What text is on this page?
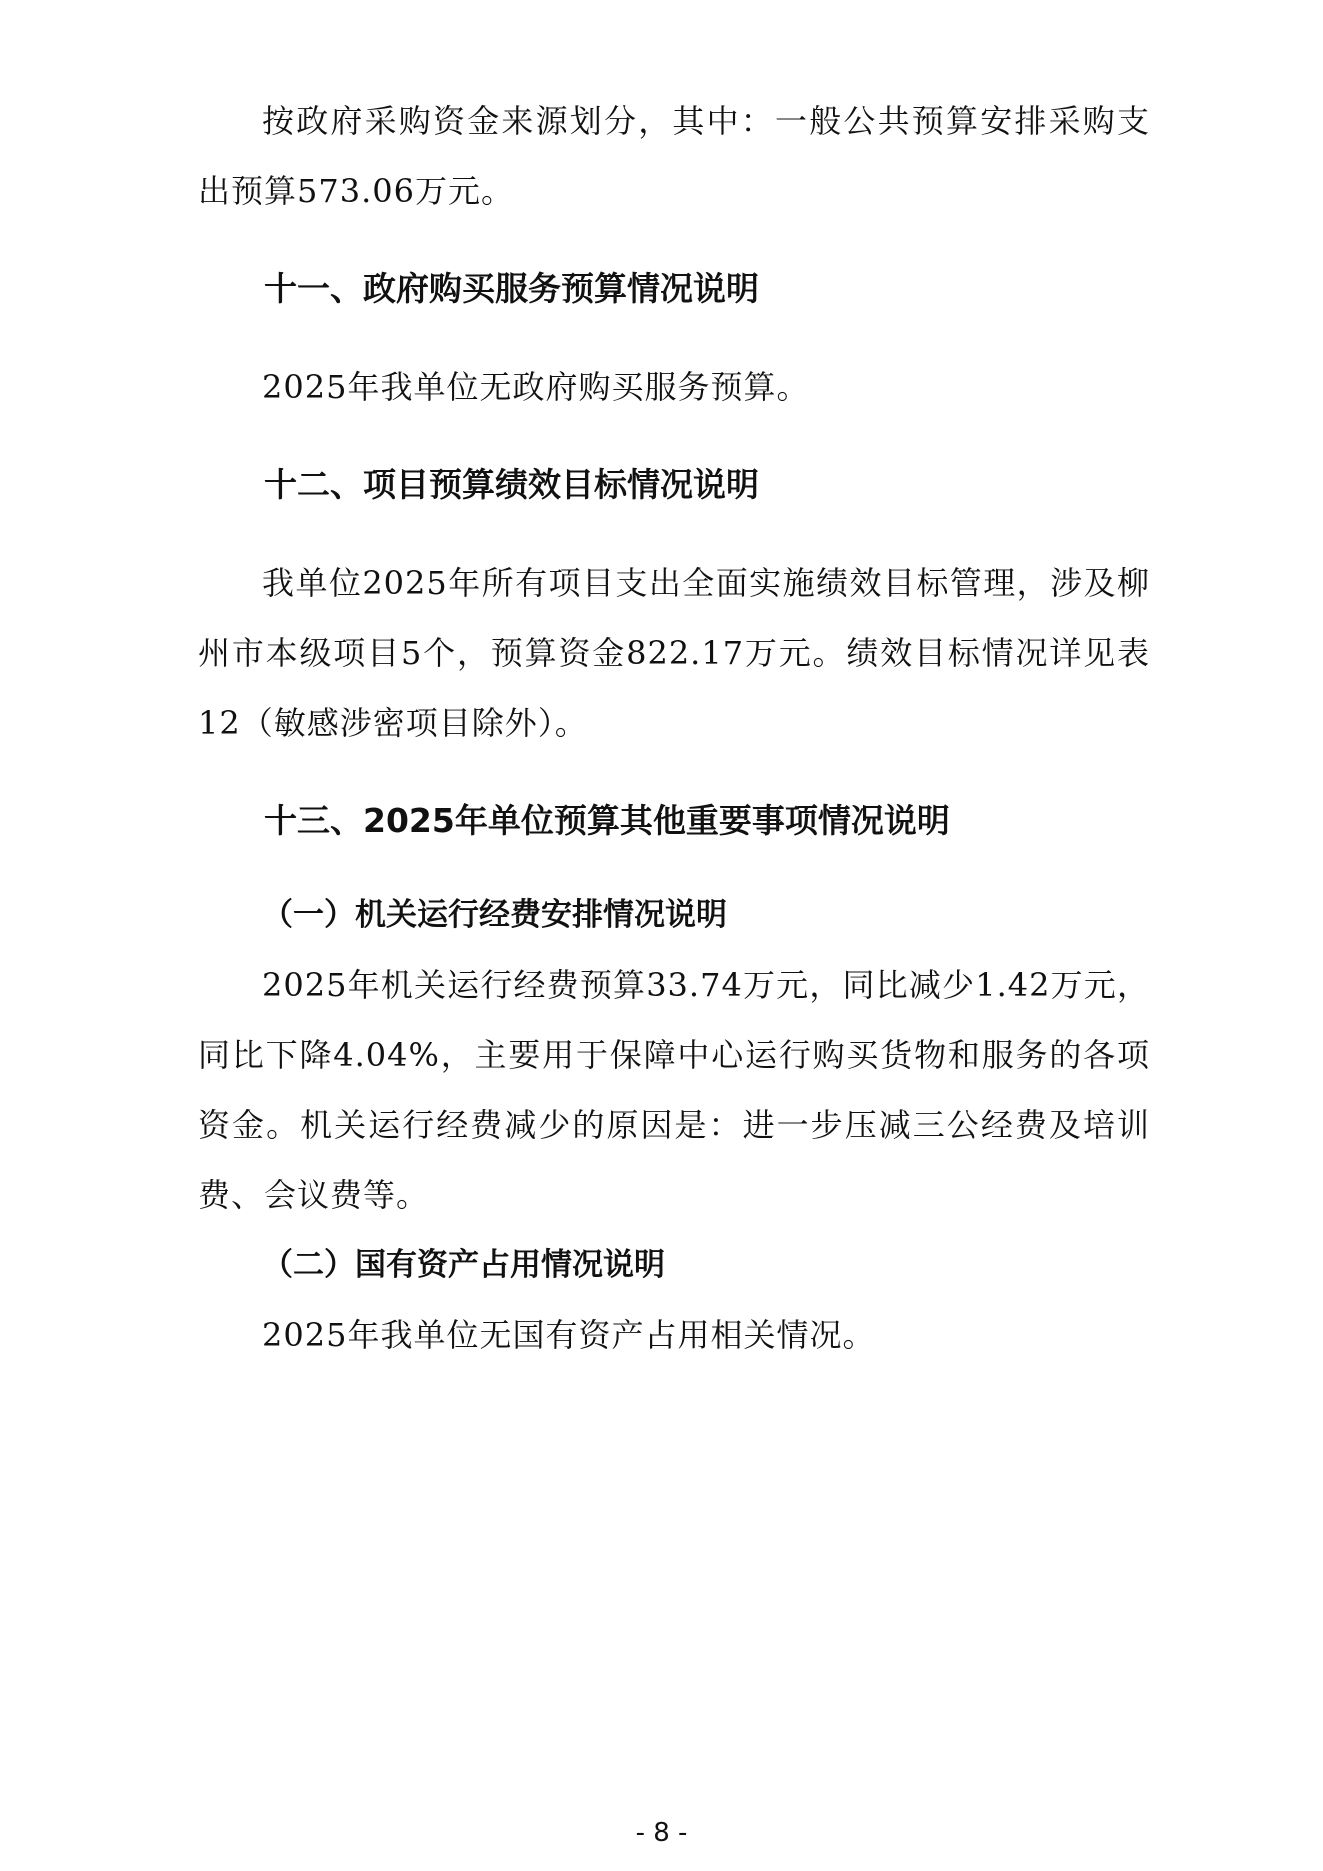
按政府采购资金来源划分，其中：一般公共预算安排采购支出预算573.06万元。

十一、政府购买服务预算情况说明

2025年我单位无政府购买服务预算。

十二、项目预算绩效目标情况说明

我单位2025年所有项目支出全面实施绩效目标管理，涉及柳州市本级项目5个，预算资金822.17万元。绩效目标情况详见表12（敏感涉密项目除外）。

十三、2025年单位预算其他重要事项情况说明
（一）机关运行经费安排情况说明

2025年机关运行经费预算33.74万元，同比减少1.42万元，同比下降4.04%，主要用于保障中心运行购买货物和服务的各项资金。机关运行经费减少的原因是：进一步压减三公经费及培训费、会议费等。

（二）国有资产占用情况说明

2025年我单位无国有资产占用相关情况。

- 8 -
